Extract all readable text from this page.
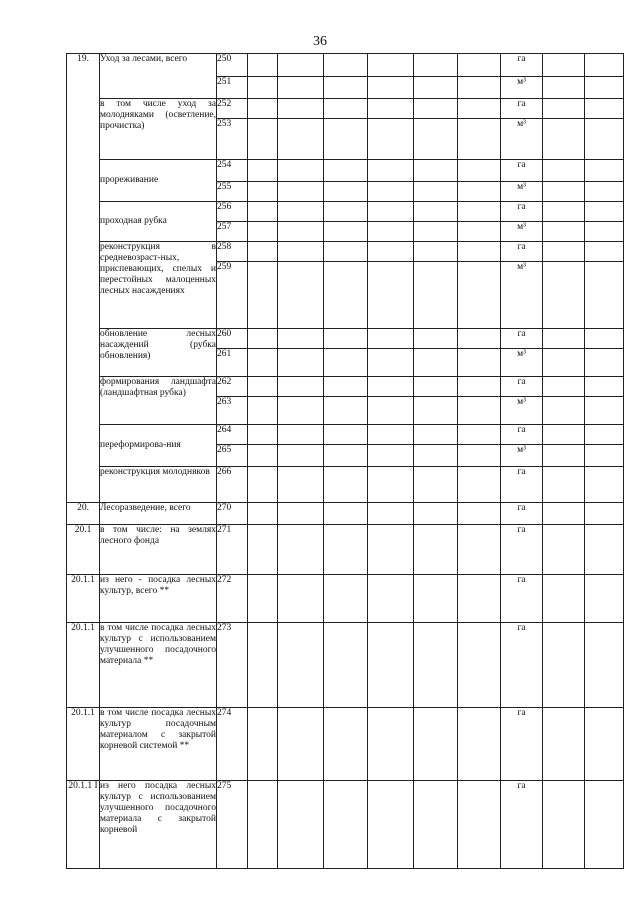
36
19.	Уход за лесами, всего	250							га		
		251							м³		
	в том числе уход за молодняками (осветление, прочистка)	252							га		
		253							м³		
	прореживание	254							га		
		255							м³		
	проходная рубка	256							га		
		257							м³		
	реконструкция в средневозраст-ных, приспевающих, спелых и перестойных малоценных лесных насаждениях	258							га		
		259							м³		
	обновление лесных насаждений (рубка обновления)	260							га		
		261							м³		
	формирования ландшафта (ландшафтная рубка)	262							га		
		263							м³		
	переформирова-ния	264							га		
		265							м³		
	реконструкция молодняков	266							га		
20.	Лесоразведение, всего	270							га		
20.1	в том числе: на землях лесного фонда	271							га		
20.1.1	из него - посадка лесных культур, всего **	272							га		
20.1.1	в том числе посадка лесных культур с использованием улучшенного посадочного материала **	273							га		
20.1.1	в том числе посадка лесных культур посадочным материалом с закрытой корневой системой **	274							га		
20.1.1 I	из него посадка лесных культур с использованием улучшенного посадочного материала с закрытой корневой	275							га		
